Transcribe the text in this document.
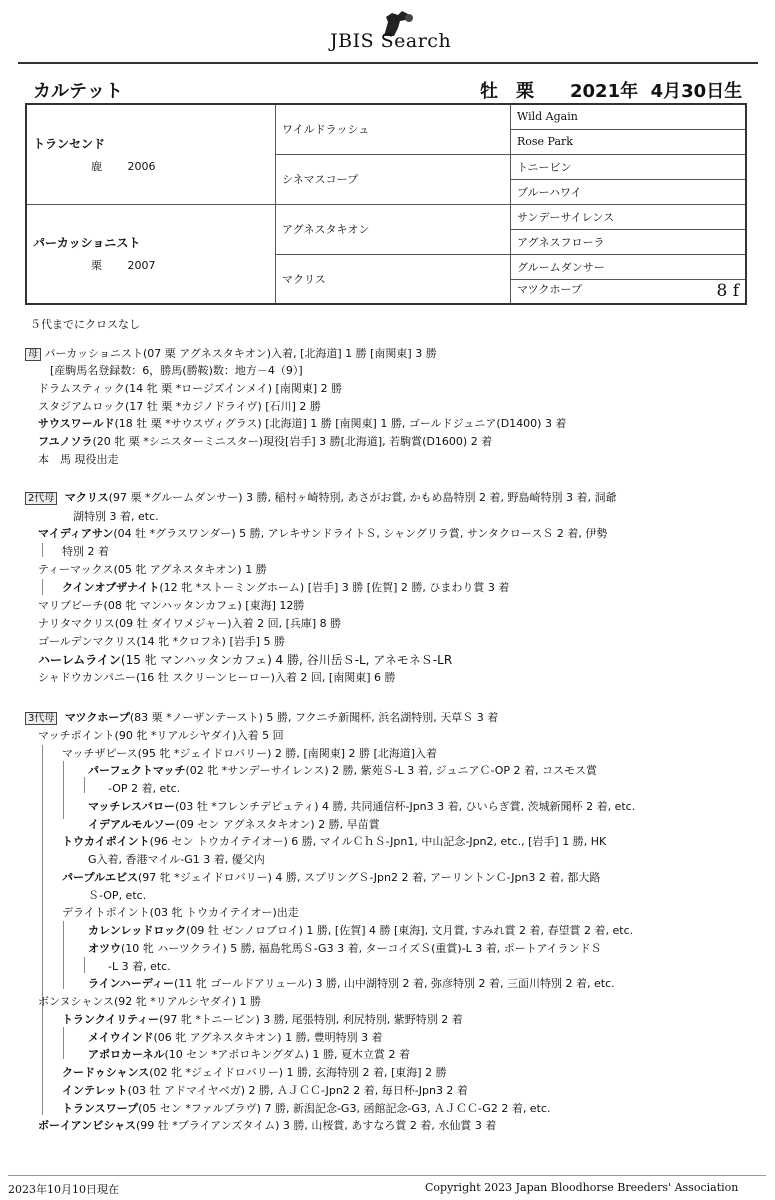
JBIS Search
カルテット	牡　栗　　2021年  4月30日生
トランセンド
鹿　　 2006	ワイルドラッシュ	Wild Again
		Rose Park
	シネマスコープ	トニービン
		ブルーハワイ

パーカッショニスト
栗　　 2007	アグネスタキオン	サンデーサイレンス
		アグネスフローラ
	マクリス	グルームダンサー
		マツクホープ 8 f
５代までにクロスなし
母 パーカッショニスト(07 栗 アグネスタキオン)入着, [北海道] 1 勝 [南関東] 3 勝
[産駒馬名登録数：6，勝馬(勝鞍)数：地方－4（9）]
ドラムスティック(14 牝 栗 *ロージズインメイ) [南関東] 2 勝
スタジアムロック(17 牡 栗 *カジノドライヴ) [石川] 2 勝
サウスワールド(18 牡 栗 *サウスヴィグラス) [北海道] 1 勝 [南関東] 1 勝, ゴールドジュニア(D1400) 3 着
フユノソラ(20 牝 栗 *シニスターミニスター)現役[岩手] 3 勝[北海道], 若駒賞(D1600) 2 着
本　馬 現役出走
2代母 マクリス(97 栗 *グルームダンサー) 3 勝, 稲村ヶ崎特別, あさがお賞, かもめ島特別 2 着, 野島崎特別 3 着, 洞爺
湖特別 3 着, etc.
マイディアサン(04 牡 *グラスワンダー) 5 勝, アレキサンドライトＳ, シャングリラ賞, サンタクロースＳ 2 着, 伊勢
特別 2 着
ティーマックス(05 牝 アグネスタキオン) 1 勝
クインオブザナイト(12 牝 *ストーミングホーム) [岩手] 3 勝 [佐賀] 2 勝, ひまわり賞 3 着
マリブビーチ(08 牝 マンハッタンカフェ) [東海] 12勝
ナリタマクリス(09 牡 ダイワメジャー)入着 2 回, [兵庫] 8 勝
ゴールデンマクリス(14 牝 *クロフネ) [岩手] 5 勝
ハーレムライン(15 牝 マンハッタンカフェ) 4 勝, 谷川岳Ｓ-L, アネモネＳ-LR
シャドウカンパニー(16 牡 スクリーンヒーロー)入着 2 回, [南関東] 6 勝
3代母 マツクホープ(83 栗 *ノーザンテースト) 5 勝, フクニチ新聞杯, 浜名湖特別, 天草Ｓ 3 着
マッチポイント(90 牝 *リアルシヤダイ)入着 5 回
マッチザピース(95 牝 *ジェイドロバリー) 2 勝, [南関東] 2 勝 [北海道]入着
パーフェクトマッチ(02 牝 *サンデーサイレンス) 2 勝, 紫苑Ｓ-L 3 着, ジュニアＣ-OP 2 着, コスモス賞
-OP 2 着, etc.
マッチレスバロー(03 牡 *フレンチデピュティ) 4 勝, 共同通信杯-Jpn3 3 着, ひいらぎ賞, 茨城新聞杯 2 着, etc.
イデアルモルソー(09 セン アグネスタキオン) 2 勝, 早苗賞
トウカイポイント(96 セン トウカイテイオー) 6 勝, マイルＣｈＳ-Jpn1, 中山記念-Jpn2, etc., [岩手] 1 勝, HK
G入着, 香港マイル-G1 3 着, 優父内
パープルエビス(97 牝 *ジェイドロバリー) 4 勝, スプリングＳ-Jpn2 2 着, アーリントンＣ-Jpn3 2 着, 都大路
Ｓ-OP, etc.
デライトポイント(03 牝 トウカイテイオー)出走
カレンレッドロック(09 牡 ゼンノロブロイ) 1 勝, [佐賀] 4 勝 [東海], 文月賞, すみれ賞 2 着, 春望賞 2 着, etc.
オツウ(10 牝 ハーツクライ) 5 勝, 福島牝馬Ｓ-G3 3 着, ターコイズＳ(重賞)-L 3 着, ポートアイランドＳ
-L 3 着, etc.
ラインハーディー(11 牝 ゴールドアリュール) 3 勝, 山中湖特別 2 着, 弥彦特別 2 着, 三面川特別 2 着, etc.
ボンヌシャンス(92 牝 *リアルシヤダイ) 1 勝
トランクイリティー(97 牝 *トニービン) 3 勝, 尾張特別, 利尻特別, 紫野特別 2 着
メイウインド(06 牝 アグネスタキオン) 1 勝, 豊明特別 3 着
アポロカーネル(10 セン *アポロキングダム) 1 勝, 夏木立賞 2 着
クードゥシャンス(02 牝 *ジェイドロバリー) 1 勝, 玄海特別 2 着, [東海] 2 勝
インテレット(03 牡 アドマイヤベガ) 2 勝, ＡＪＣＣ-Jpn2 2 着, 毎日杯-Jpn3 2 着
トランスワープ(05 セン *ファルブラヴ) 7 勝, 新潟記念-G3, 函館記念-G3, ＡＪＣＣ-G2 2 着, etc.
ボーイアンビシャス(99 牡 *ブライアンズタイム) 3 勝, 山桜賞, あすなろ賞 2 着, 水仙賞 3 着
2023年10月10日現在	Copyright 2023 Japan Bloodhorse Breeders' Association
